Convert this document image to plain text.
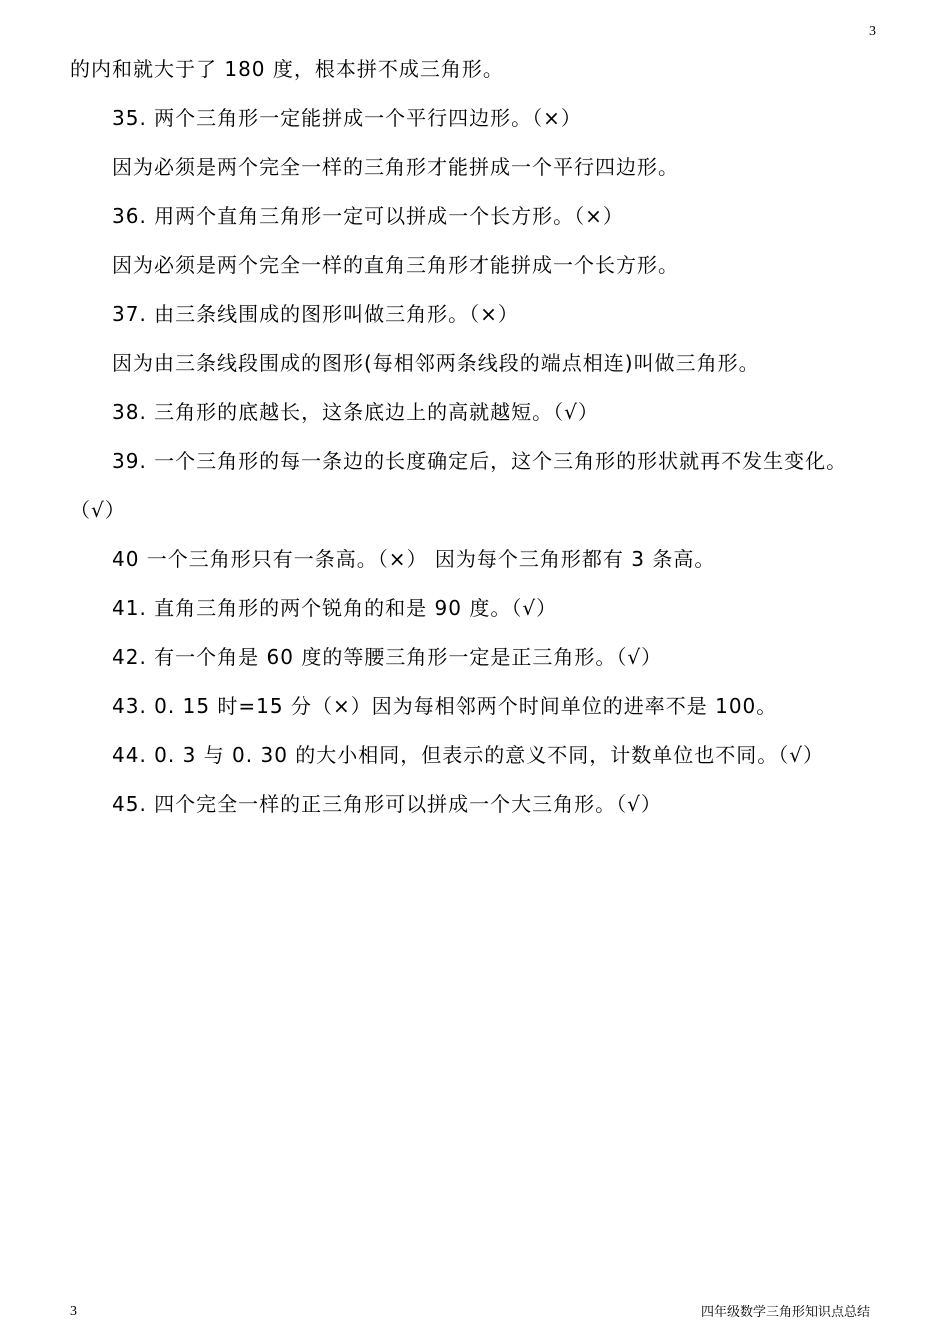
3
的内和就大于了 180 度，根本拼不成三角形。
35. 两个三角形一定能拼成一个平行四边形。（×）
因为必须是两个完全一样的三角形才能拼成一个平行四边形。
36. 用两个直角三角形一定可以拼成一个长方形。（×）
因为必须是两个完全一样的直角三角形才能拼成一个长方形。
37. 由三条线围成的图形叫做三角形。（×）
因为由三条线段围成的图形(每相邻两条线段的端点相连)叫做三角形。
38. 三角形的底越长，这条底边上的高就越短。（√）
39. 一个三角形的每一条边的长度确定后，这个三角形的形状就再不发生变化。
（√）
40 一个三角形只有一条高。（×） 因为每个三角形都有 3 条高。
41. 直角三角形的两个锐角的和是 90 度。（√）
42. 有一个角是 60 度的等腰三角形一定是正三角形。（√）
43. 0. 15 时=15 分（×）因为每相邻两个时间单位的进率不是 100。
44. 0. 3 与 0. 30 的大小相同，但表示的意义不同，计数单位也不同。（√）
45. 四个完全一样的正三角形可以拼成一个大三角形。（√）
3	四年级数学三角形知识点总结
